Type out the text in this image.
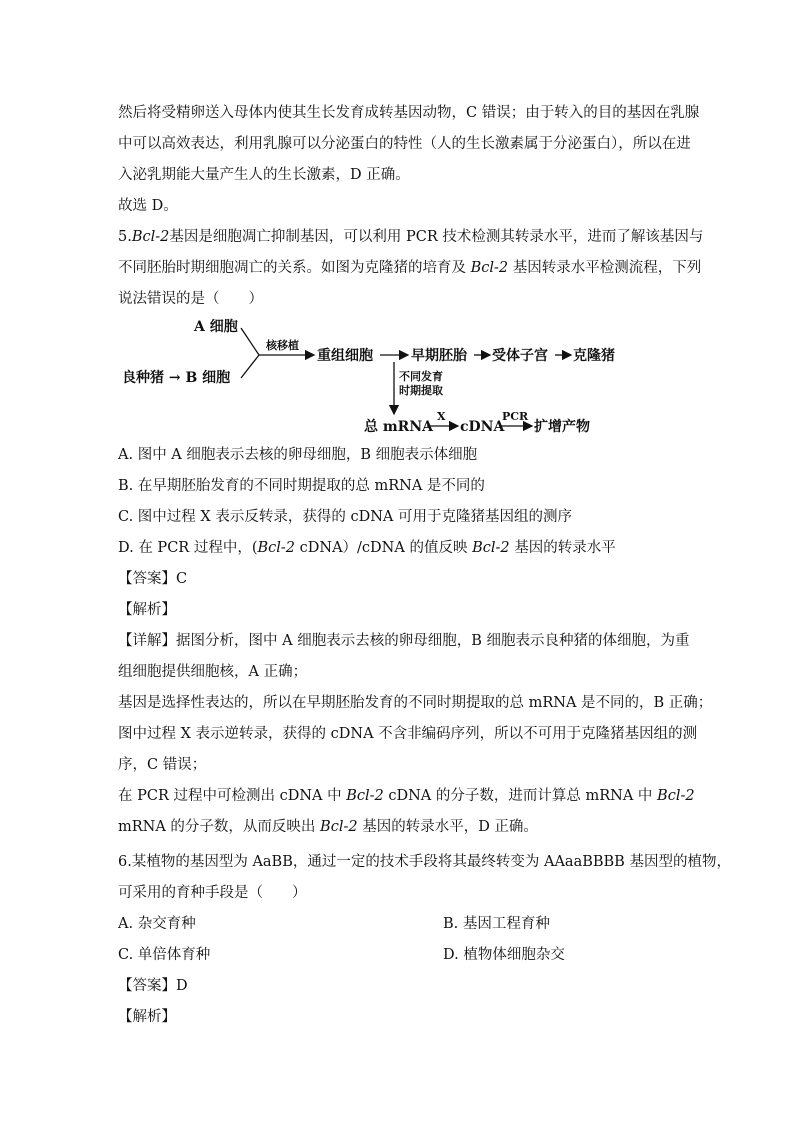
然后将受精卵送入母体内使其生长发育成转基因动物，C 错误；由于转入的目的基因在乳腺
中可以高效表达，利用乳腺可以分泌蛋白的特性（人的生长激素属于分泌蛋白），所以在进
入泌乳期能大量产生人的生长激素，D 正确。
故选 D。
5.Bcl-2基因是细胞凋亡抑制基因，可以利用 PCR 技术检测其转录水平，进而了解该基因与
不同胚胎时期细胞凋亡的关系。如图为克隆猪的培育及 Bcl-2 基因转录水平检测流程，下列
说法错误的是（　　）
A 细胞
良种猪 → B 细胞
核移植
重组细胞	早期胚胎 受体子宫 克隆猪
不同发育
时期提取
总 mRNA
X
cDNA
PCR
扩增产物
A. 图中 A 细胞表示去核的卵母细胞，B 细胞表示体细胞
B. 在早期胚胎发育的不同时期提取的总 mRNA 是不同的
C. 图中过程 X 表示反转录，获得的 cDNA 可用于克隆猪基因组的测序
D. 在 PCR 过程中，(Bcl-2 cDNA）/cDNA 的值反映 Bcl-2 基因的转录水平
【答案】C
【解析】
【详解】据图分析，图中 A 细胞表示去核的卵母细胞，B 细胞表示良种猪的体细胞，为重
组细胞提供细胞核，A 正确；
基因是选择性表达的，所以在早期胚胎发育的不同时期提取的总 mRNA 是不同的，B 正确；
图中过程 X 表示逆转录，获得的 cDNA 不含非编码序列，所以不可用于克隆猪基因组的测
序，C 错误；
在 PCR 过程中可检测出 cDNA 中 Bcl-2 cDNA 的分子数，进而计算总 mRNA 中 Bcl-2
mRNA 的分子数，从而反映出 Bcl-2 基因的转录水平，D 正确。
6.某植物的基因型为 AaBB，通过一定的技术手段将其最终转变为 AAaaBBBB 基因型的植物，
可采用的育种手段是（　　）
A. 杂交育种	B. 基因工程育种
C. 单倍体育种	D. 植物体细胞杂交
【答案】D
【解析】
